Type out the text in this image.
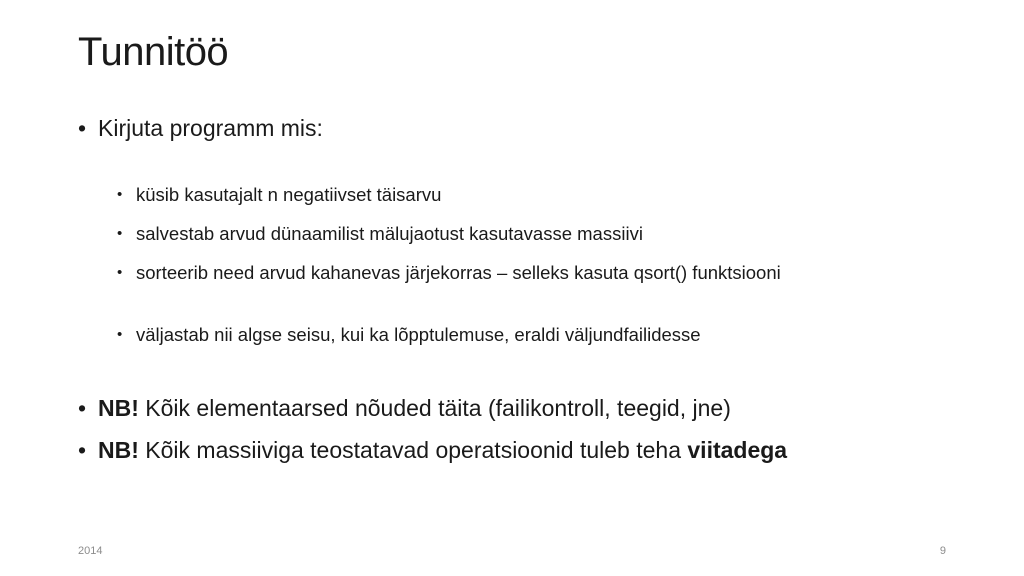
Tunnitöö
• Kirjuta programm mis:
• küsib kasutajalt n negatiivset täisarvu
• salvestab arvud dünaamilist mälujaotust kasutavasse massiivi
• sorteerib need arvud kahanevas järjekorras – selleks kasuta qsort() funktsiooni
• väljastab nii algse seisu, kui ka lõpptulemuse, eraldi väljundfailidesse
• NB! Kõik elementaarsed nõuded täita (failikontroll, teegid, jne)
• NB! Kõik massiiviga teostatavad operatsioonid tuleb teha viitadega
2014	9
